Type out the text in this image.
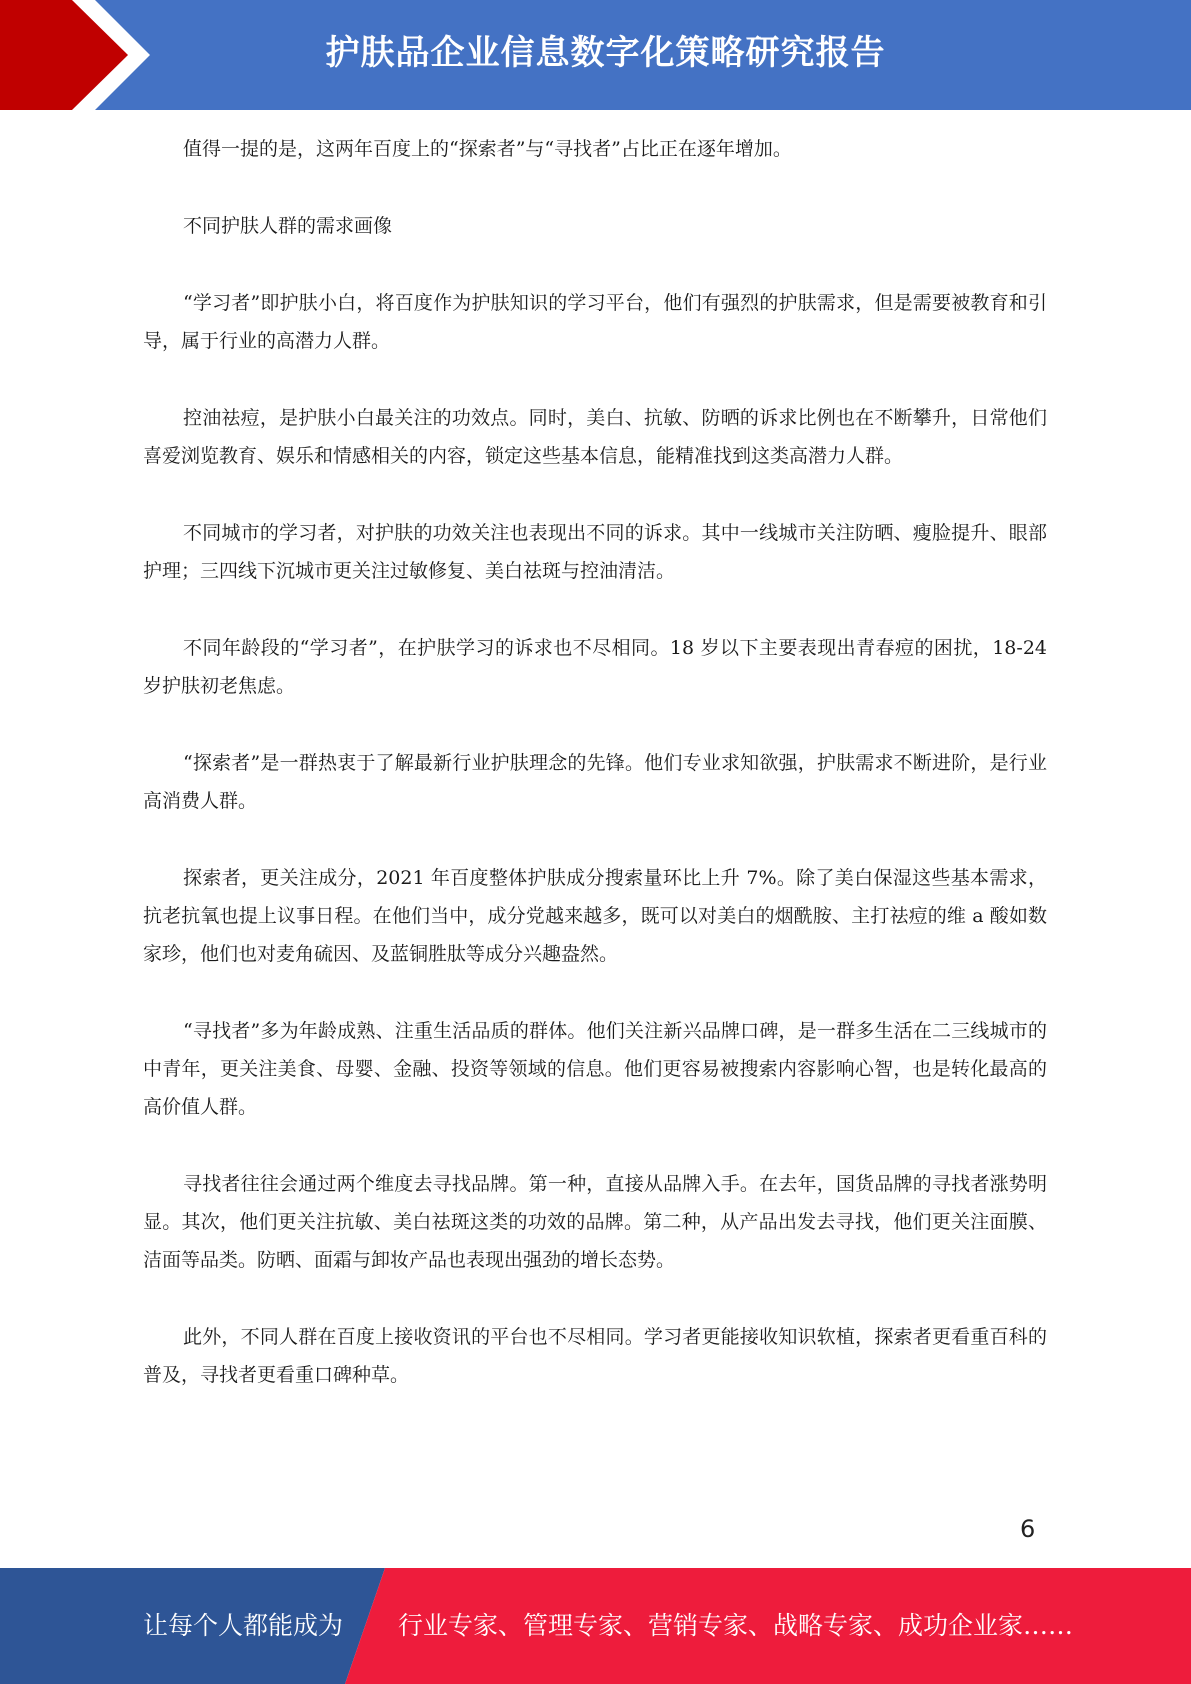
护肤品企业信息数字化策略研究报告

值得一提的是，这两年百度上的“探索者”与“寻找者”占比正在逐年增加。

不同护肤人群的需求画像

“学习者”即护肤小白，将百度作为护肤知识的学习平台，他们有强烈的护肤需求，但是需要被教育和引导，属于行业的高潜力人群。

控油祛痘，是护肤小白最关注的功效点。同时，美白、抗敏、防晒的诉求比例也在不断攀升，日常他们喜爱浏览教育、娱乐和情感相关的内容，锁定这些基本信息，能精准找到这类高潜力人群。

不同城市的学习者，对护肤的功效关注也表现出不同的诉求。其中一线城市关注防晒、瘦脸提升、眼部护理；三四线下沉城市更关注过敏修复、美白祛斑与控油清洁。

不同年龄段的“学习者”，在护肤学习的诉求也不尽相同。18 岁以下主要表现出青春痘的困扰，18-24 岁护肤初老焦虑。

“探索者”是一群热衷于了解最新行业护肤理念的先锋。他们专业求知欲强，护肤需求不断进阶，是行业高消费人群。

探索者，更关注成分，2021 年百度整体护肤成分搜索量环比上升 7%。除了美白保湿这些基本需求，抗老抗氧也提上议事日程。在他们当中，成分党越来越多，既可以对美白的烟酰胺、主打祛痘的维 a 酸如数家珍，他们也对麦角硫因、及蓝铜胜肽等成分兴趣盎然。

“寻找者”多为年龄成熟、注重生活品质的群体。他们关注新兴品牌口碑，是一群多生活在二三线城市的中青年，更关注美食、母婴、金融、投资等领域的信息。他们更容易被搜索内容影响心智，也是转化最高的高价值人群。

寻找者往往会通过两个维度去寻找品牌。第一种，直接从品牌入手。在去年，国货品牌的寻找者涨势明显。其次，他们更关注抗敏、美白祛斑这类的功效的品牌。第二种，从产品出发去寻找，他们更关注面膜、洁面等品类。防晒、面霜与卸妆产品也表现出强劲的增长态势。

此外，不同人群在百度上接收资讯的平台也不尽相同。学习者更能接收知识软植，探索者更看重百科的普及，寻找者更看重口碑种草。

6
让每个人都能成为 行业专家、管理专家、营销专家、战略专家、成功企业家……
